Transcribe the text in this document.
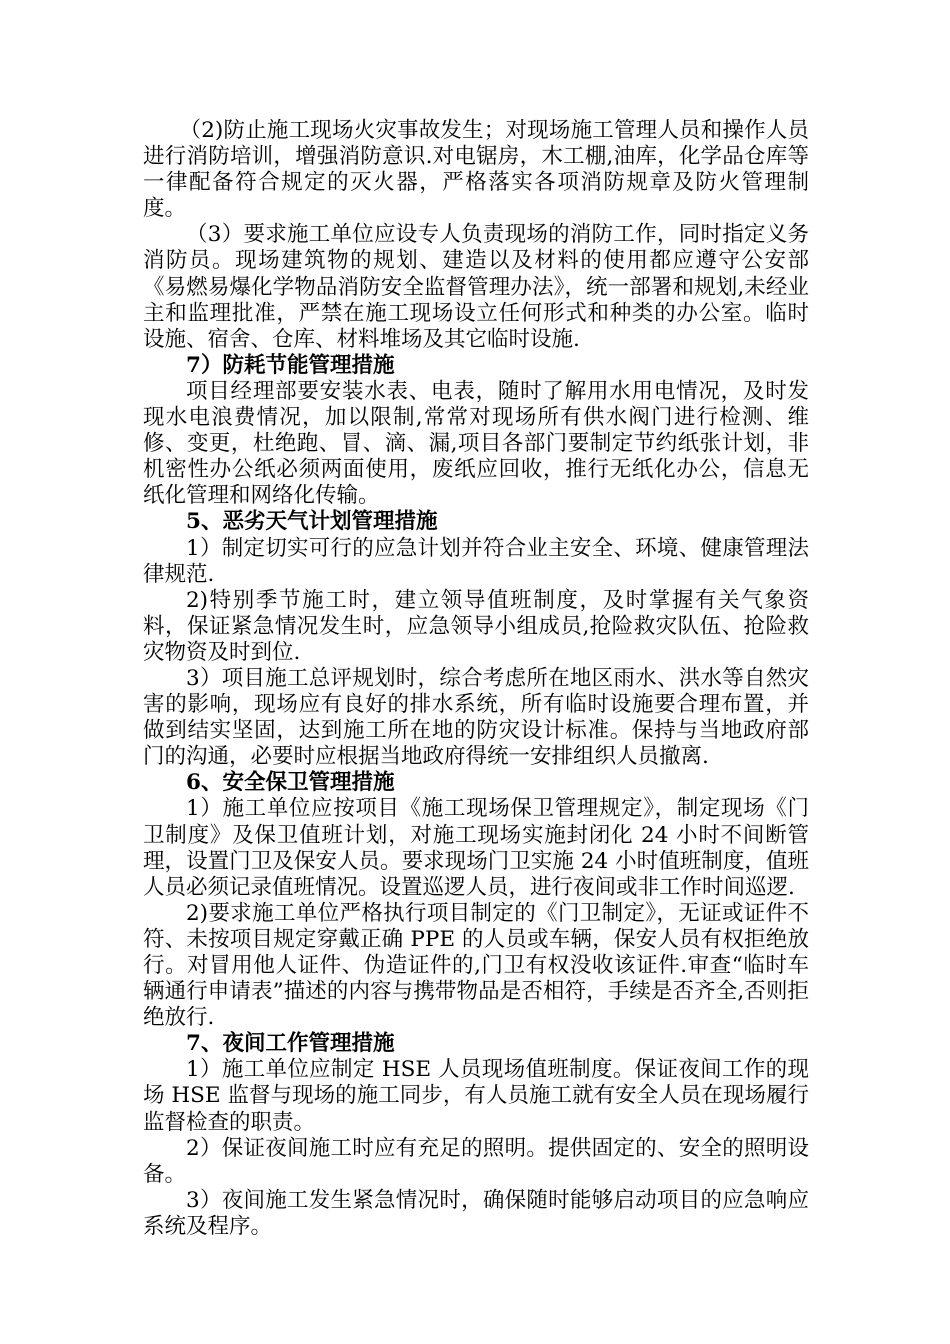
（2)防止施工现场火灾事故发生；对现场施工管理人员和操作人员进行消防培训，增强消防意识.对电锯房，木工棚,油库，化学品仓库等一律配备符合规定的灭火器，严格落实各项消防规章及防火管理制度。

（3）要求施工单位应设专人负责现场的消防工作，同时指定义务消防员。现场建筑物的规划、建造以及材料的使用都应遵守公安部《易燃易爆化学物品消防安全监督管理办法》，统一部署和规划,未经业主和监理批准，严禁在施工现场设立任何形式和种类的办公室。临时设施、宿舍、仓库、材料堆场及其它临时设施.

7）防耗节能管理措施

项目经理部要安装水表、电表，随时了解用水用电情况，及时发现水电浪费情况，加以限制,常常对现场所有供水阀门进行检测、维修、变更，杜绝跑、冒、滴、漏,项目各部门要制定节约纸张计划，非机密性办公纸必须两面使用，废纸应回收，推行无纸化办公，信息无纸化管理和网络化传输。

5、恶劣天气计划管理措施

1）制定切实可行的应急计划并符合业主安全、环境、健康管理法律规范.

2)特别季节施工时，建立领导值班制度，及时掌握有关气象资料，保证紧急情况发生时，应急领导小组成员,抢险救灾队伍、抢险救灾物资及时到位.

3）项目施工总评规划时，综合考虑所在地区雨水、洪水等自然灾害的影响，现场应有良好的排水系统，所有临时设施要合理布置，并做到结实坚固，达到施工所在地的防灾设计标准。保持与当地政府部门的沟通，必要时应根据当地政府得统一安排组织人员撤离.

6、安全保卫管理措施

1）施工单位应按项目《施工现场保卫管理规定》，制定现场《门卫制度》及保卫值班计划，对施工现场实施封闭化 24 小时不间断管理，设置门卫及保安人员。要求现场门卫实施 24 小时值班制度，值班人员必须记录值班情况。设置巡逻人员，进行夜间或非工作时间巡逻.

2)要求施工单位严格执行项目制定的《门卫制定》，无证或证件不符、未按项目规定穿戴正确 PPE 的人员或车辆，保安人员有权拒绝放行。对冒用他人证件、伪造证件的,门卫有权没收该证件.审查“临时车辆通行申请表”描述的内容与携带物品是否相符，手续是否齐全,否则拒绝放行.

7、夜间工作管理措施

1）施工单位应制定 HSE 人员现场值班制度。保证夜间工作的现场 HSE 监督与现场的施工同步，有人员施工就有安全人员在现场履行监督检查的职责。

2）保证夜间施工时应有充足的照明。提供固定的、安全的照明设备。

3）夜间施工发生紧急情况时，确保随时能够启动项目的应急响应系统及程序。
